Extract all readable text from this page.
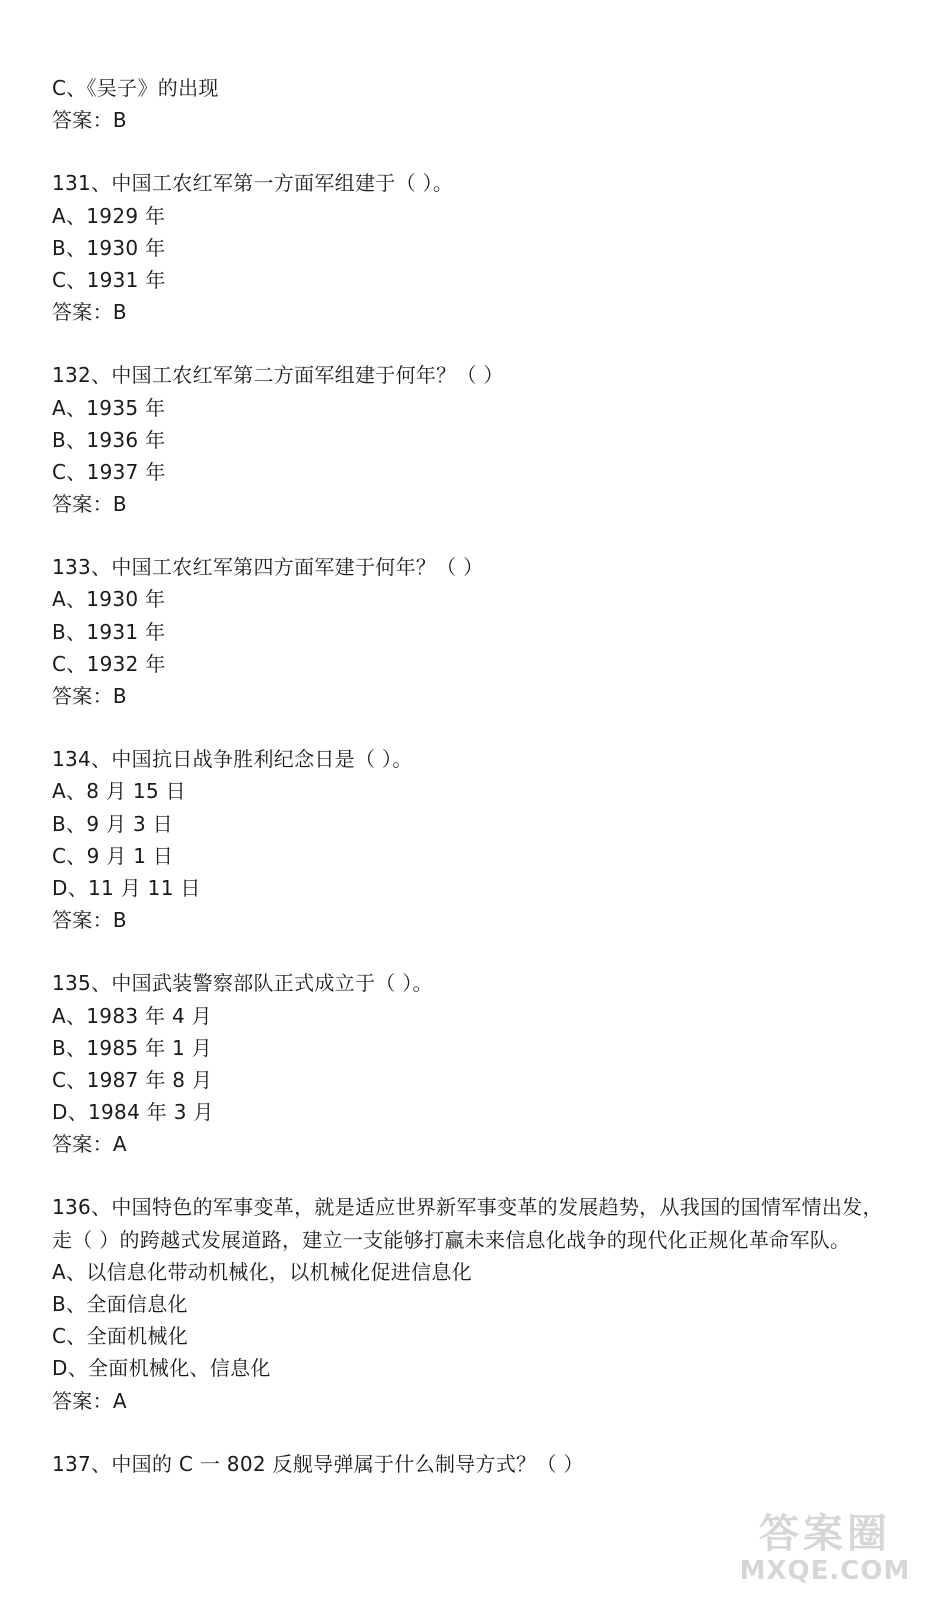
C、《吴子》的出现
答案：B
131、中国工农红军第一方面军组建于（ ）。
A、1929 年
B、1930 年
C、1931 年
答案：B
132、中国工农红军第二方面军组建于何年？（ ）
A、1935 年
B、1936 年
C、1937 年
答案：B
133、中国工农红军第四方面军建于何年？（ ）
A、1930 年
B、1931 年
C、1932 年
答案：B
134、中国抗日战争胜利纪念日是（ ）。
A、8 月 15 日
B、9 月 3 日
C、9 月 1 日
D、11 月 11 日
答案：B
135、中国武装警察部队正式成立于（ ）。
A、1983 年 4 月
B、1985 年 1 月
C、1987 年 8 月
D、1984 年 3 月
答案：A
136、中国特色的军事变革，就是适应世界新军事变革的发展趋势，从我国的国情军情出发，
走（ ）的跨越式发展道路，建立一支能够打赢未来信息化战争的现代化正规化革命军队。
A、以信息化带动机械化，以机械化促进信息化
B、全面信息化
C、全面机械化
D、全面机械化、信息化
答案：A
137、中国的 C 一 802 反舰导弹属于什么制导方式？（ ）
答案圈
MXQE.COM
